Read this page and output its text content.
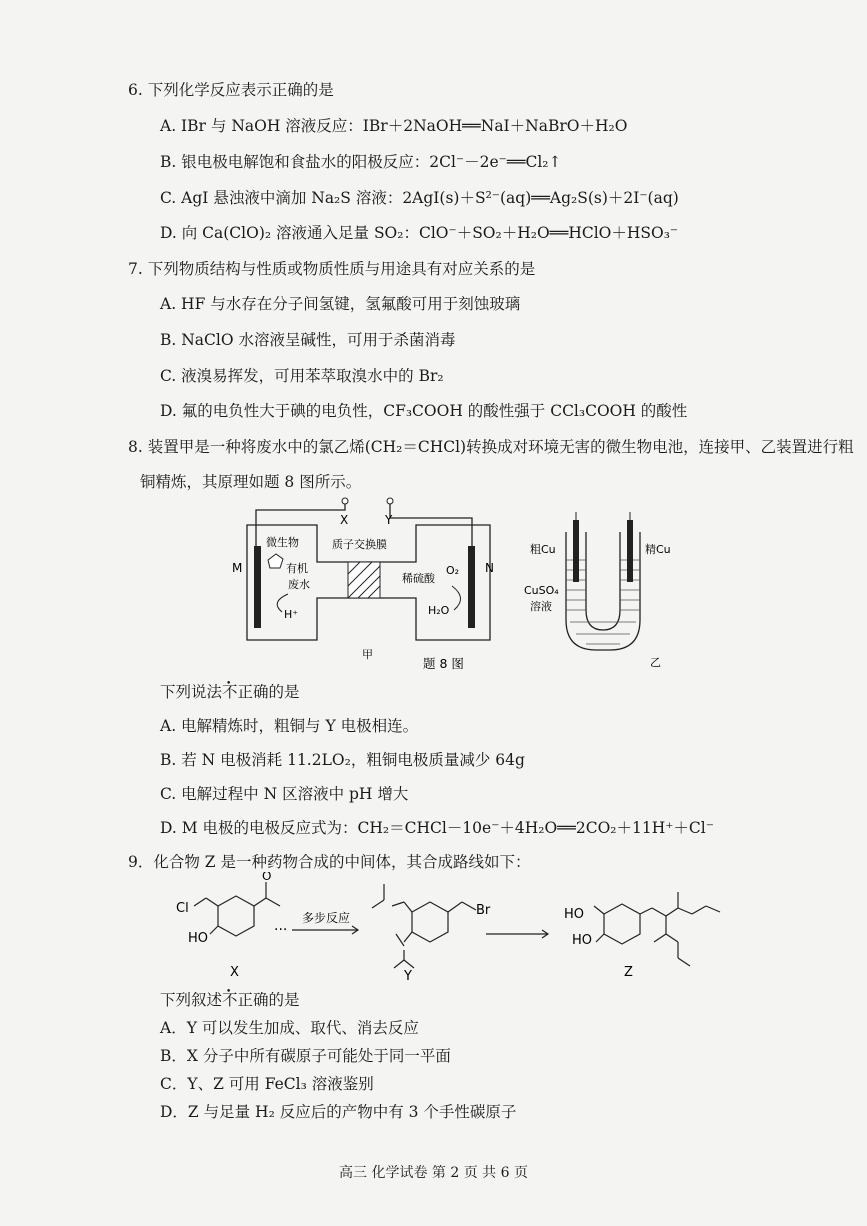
6. 下列化学反应表示正确的是
A. IBr 与 NaOH 溶液反应：IBr＋2NaOH══NaI＋NaBrO＋H₂O
B. 银电极电解饱和食盐水的阳极反应：2Cl⁻－2e⁻══Cl₂↑
C. AgI 悬浊液中滴加 Na₂S 溶液：2AgI(s)＋S²⁻(aq)══Ag₂S(s)＋2I⁻(aq)
D. 向 Ca(ClO)₂ 溶液通入足量 SO₂：ClO⁻＋SO₂＋H₂O══HClO＋HSO₃⁻
7. 下列物质结构与性质或物质性质与用途具有对应关系的是
A. HF 与水存在分子间氢键，氢氟酸可用于刻蚀玻璃
B. NaClO 水溶液呈碱性，可用于杀菌消毒
C. 液溴易挥发，可用苯萃取溴水中的 Br₂
D. 氟的电负性大于碘的电负性，CF₃COOH 的酸性强于 CCl₃COOH 的酸性
8. 装置甲是一种将废水中的氯乙烯(CH₂＝CHCl)转换成对环境无害的微生物电池，连接甲、乙装置进行粗
铜精炼，其原理如题 8 图所示。
X	Y
M	N
微生物
有机
废水
H⁺
质子交换膜
稀硫酸
O₂
H₂O
甲
题 8 图
粗Cu	精Cu
CuSO₄
溶液
乙
下列说法不正确的是
A. 电解精炼时，粗铜与 Y 电极相连。
B. 若 N 电极消耗 11.2LO₂，粗铜电极质量减少 64g
C. 电解过程中 N 区溶液中 pH 增大
D. M 电极的电极反应式为：CH₂＝CHCl－10e⁻＋4H₂O══2CO₂＋11H⁺＋Cl⁻
9．化合物 Z 是一种药物合成的中间体，其合成路线如下：
Cl
HO
O
Br
···
多步反应	HO
HO
X	Y	Z
下列叙述不正确的是
A．Y 可以发生加成、取代、消去反应
B．X 分子中所有碳原子可能处于同一平面
C．Y、Z 可用 FeCl₃ 溶液鉴别
D．Z 与足量 H₂ 反应后的产物中有 3 个手性碳原子
高三 化学试卷 第 2 页 共 6 页
